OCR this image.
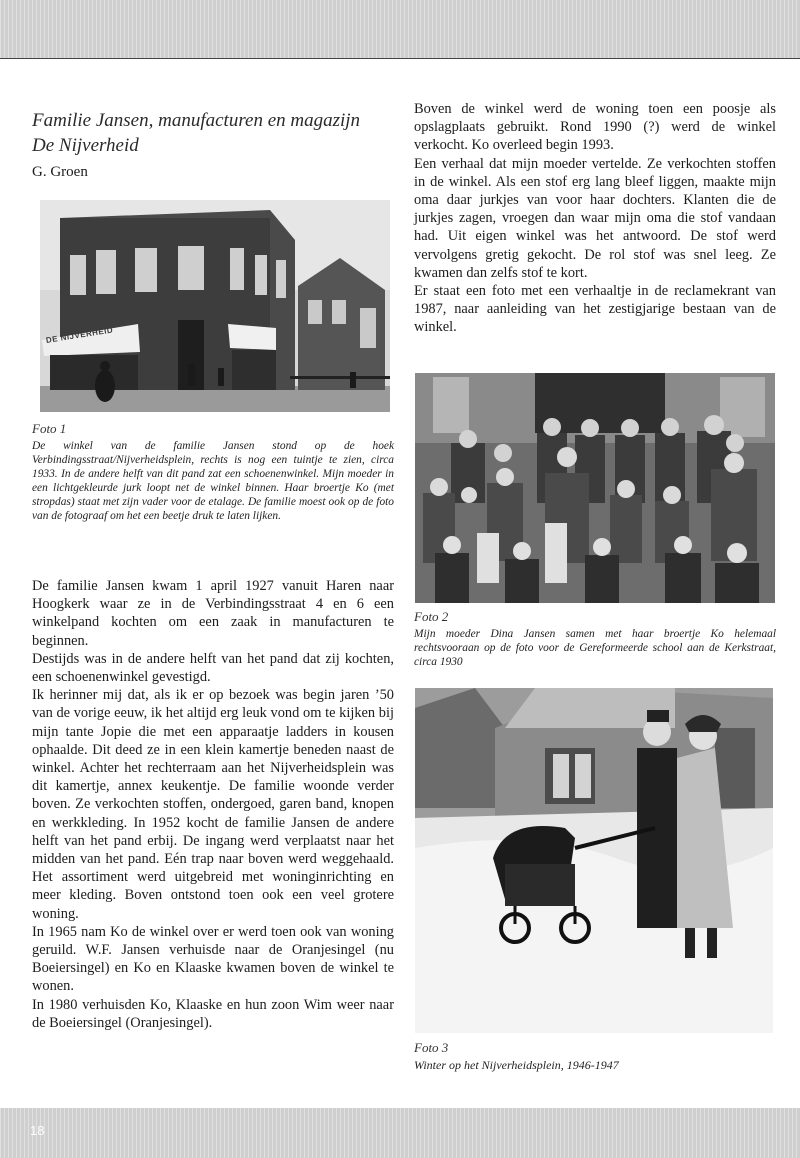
18

Familie Jansen, manufacturen en magazijn

De Nijverheid

G. Groen

DE NIJVERHEID

Foto 1

De winkel van de familie Jansen stond op de hoek Verbindingsstraat/Nijverheidsplein, rechts is nog een tuintje te zien, circa 1933. In de andere helft van dit pand zat een schoenenwinkel. Mijn moeder in een lichtgekleurde jurk loopt net de winkel binnen. Haar broertje Ko (met stropdas) staat met zijn vader voor de etalage. De familie moest ook op de foto van de fotograaf om het een beetje druk te laten lijken.

De familie Jansen kwam 1 april 1927 vanuit Haren naar Hoogkerk waar ze in de Verbindingsstraat 4 en 6 een winkelpand kochten om een zaak in manufacturen te beginnen.

Destijds was in de andere helft van het pand dat zij kochten, een schoenenwinkel gevestigd.

Ik herinner mij dat, als ik er op bezoek was begin jaren ’50 van de vorige eeuw, ik het altijd erg leuk vond om te kijken bij mijn tante Jopie die met een apparaatje ladders in kousen ophaalde. Dit deed ze in een klein kamertje beneden naast de winkel. Achter het rechterraam aan het Nijverheidsplein was dit kamertje, annex keukentje. De familie woonde verder boven. Ze verkochten stoffen, ondergoed, garen band, knopen en werkkleding. In 1952 kocht de familie Jansen de andere helft van het pand erbij. De ingang werd verplaatst naar het midden van het pand. Eén trap naar boven werd weggehaald. Het assortiment werd uitgebreid met woninginrichting en meer kleding. Boven ontstond toen ook een veel grotere woning.

In 1965 nam Ko de winkel over er werd toen ook van woning geruild. W.F. Jansen verhuisde naar de Oranjesingel (nu Boeiersingel) en Ko en Klaaske kwamen boven de winkel te wonen.

In 1980 verhuisden Ko, Klaaske en hun zoon Wim weer naar de Boeiersingel (Oranjesingel).

Boven de winkel werd de woning toen een poosje als opslagplaats gebruikt. Rond 1990 (?) werd de winkel verkocht. Ko overleed begin 1993.

Een verhaal dat mijn moeder vertelde. Ze verkochten stoffen in de winkel. Als een stof erg lang bleef liggen, maakte mijn oma daar jurkjes van voor haar dochters. Klanten die de jurkjes zagen, vroegen dan waar mijn oma die stof vandaan had. Uit eigen winkel was het antwoord. De stof werd vervolgens gretig gekocht. De rol stof was snel leeg. Ze kwamen dan zelfs stof te kort.

Er staat een foto met een verhaaltje in de reclamekrant van 1987, naar aanleiding van het zestigjarige bestaan van de winkel.

Foto 2

Mijn moeder Dina Jansen samen met haar broertje Ko helemaal rechtsvooraan op de foto voor de Gereformeerde school aan de Kerkstraat, circa 1930

Foto 3

Winter op het Nijverheidsplein, 1946-1947
